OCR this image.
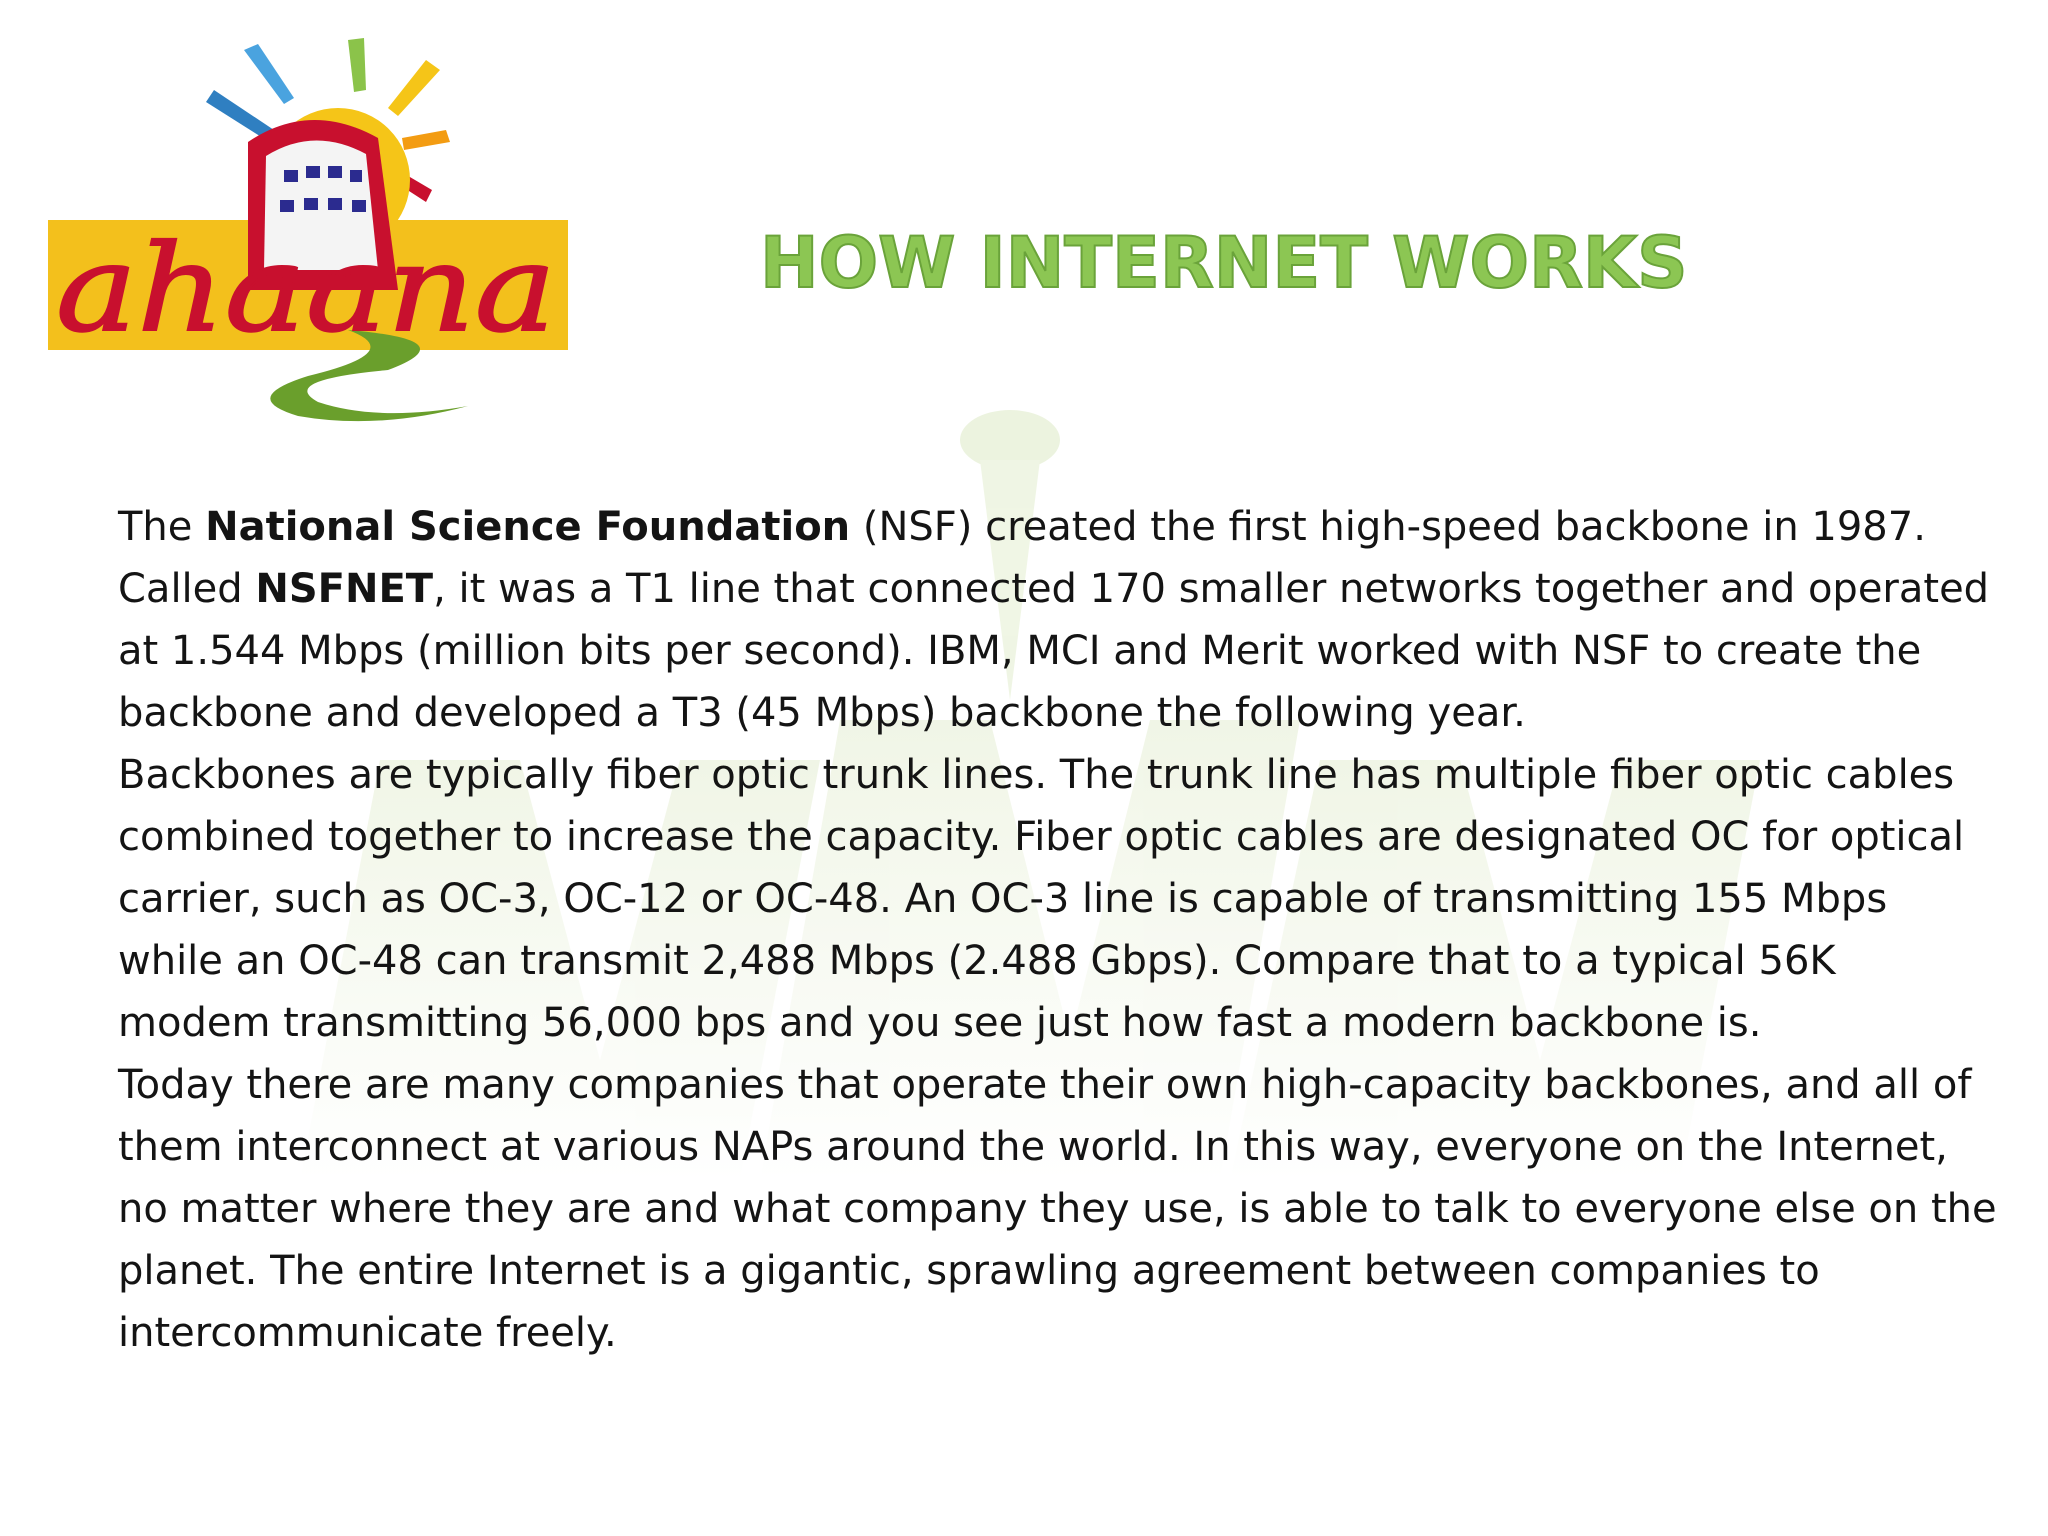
ahaana	HOW INTERNET WORKS

The National Science Foundation (NSF) created the first high-speed backbone in 1987. Called NSFNET, it was a T1 line that connected 170 smaller networks together and operated at 1.544 Mbps (million bits per second). IBM, MCI and Merit worked with NSF to create the backbone and developed a T3 (45 Mbps) backbone the following year.

Backbones are typically fiber optic trunk lines. The trunk line has multiple fiber optic cables combined together to increase the capacity. Fiber optic cables are designated OC for optical carrier, such as OC-3, OC-12 or OC-48. An OC-3 line is capable of transmitting 155 Mbps while an OC-48 can transmit 2,488 Mbps (2.488 Gbps). Compare that to a typical 56K modem transmitting 56,000 bps and you see just how fast a modern backbone is.

Today there are many companies that operate their own high-capacity backbones, and all of them interconnect at various NAPs around the world. In this way, everyone on the Internet, no matter where they are and what company they use, is able to talk to everyone else on the planet. The entire Internet is a gigantic, sprawling agreement between companies to intercommunicate freely.
